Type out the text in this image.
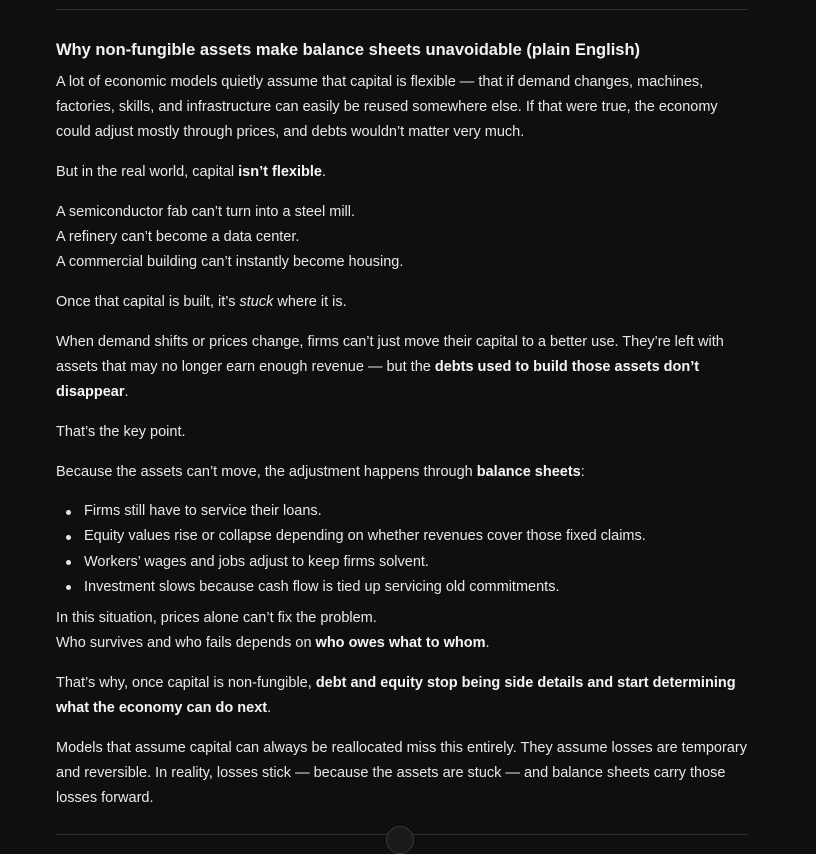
Why non-fungible assets make balance sheets unavoidable (plain English)

A lot of economic models quietly assume that capital is flexible — that if demand changes, machines, factories, skills, and infrastructure can easily be reused somewhere else. If that were true, the economy could adjust mostly through prices, and debts wouldn’t matter very much.

But in the real world, capital isn’t flexible.

A semiconductor fab can’t turn into a steel mill.
A refinery can’t become a data center.
A commercial building can’t instantly become housing.

Once that capital is built, it’s stuck where it is.

When demand shifts or prices change, firms can’t just move their capital to a better use. They’re left with assets that may no longer earn enough revenue — but the debts used to build those assets don’t disappear.

That’s the key point.

Because the assets can’t move, the adjustment happens through balance sheets:

Firms still have to service their loans.
Equity values rise or collapse depending on whether revenues cover those fixed claims.
Workers’ wages and jobs adjust to keep firms solvent.
Investment slows because cash flow is tied up servicing old commitments.

In this situation, prices alone can’t fix the problem.
Who survives and who fails depends on who owes what to whom.

That’s why, once capital is non-fungible, debt and equity stop being side details and start determining what the economy can do next.

Models that assume capital can always be reallocated miss this entirely. They assume losses are temporary and reversible. In reality, losses stick — because the assets are stuck — and balance sheets carry those losses forward.
